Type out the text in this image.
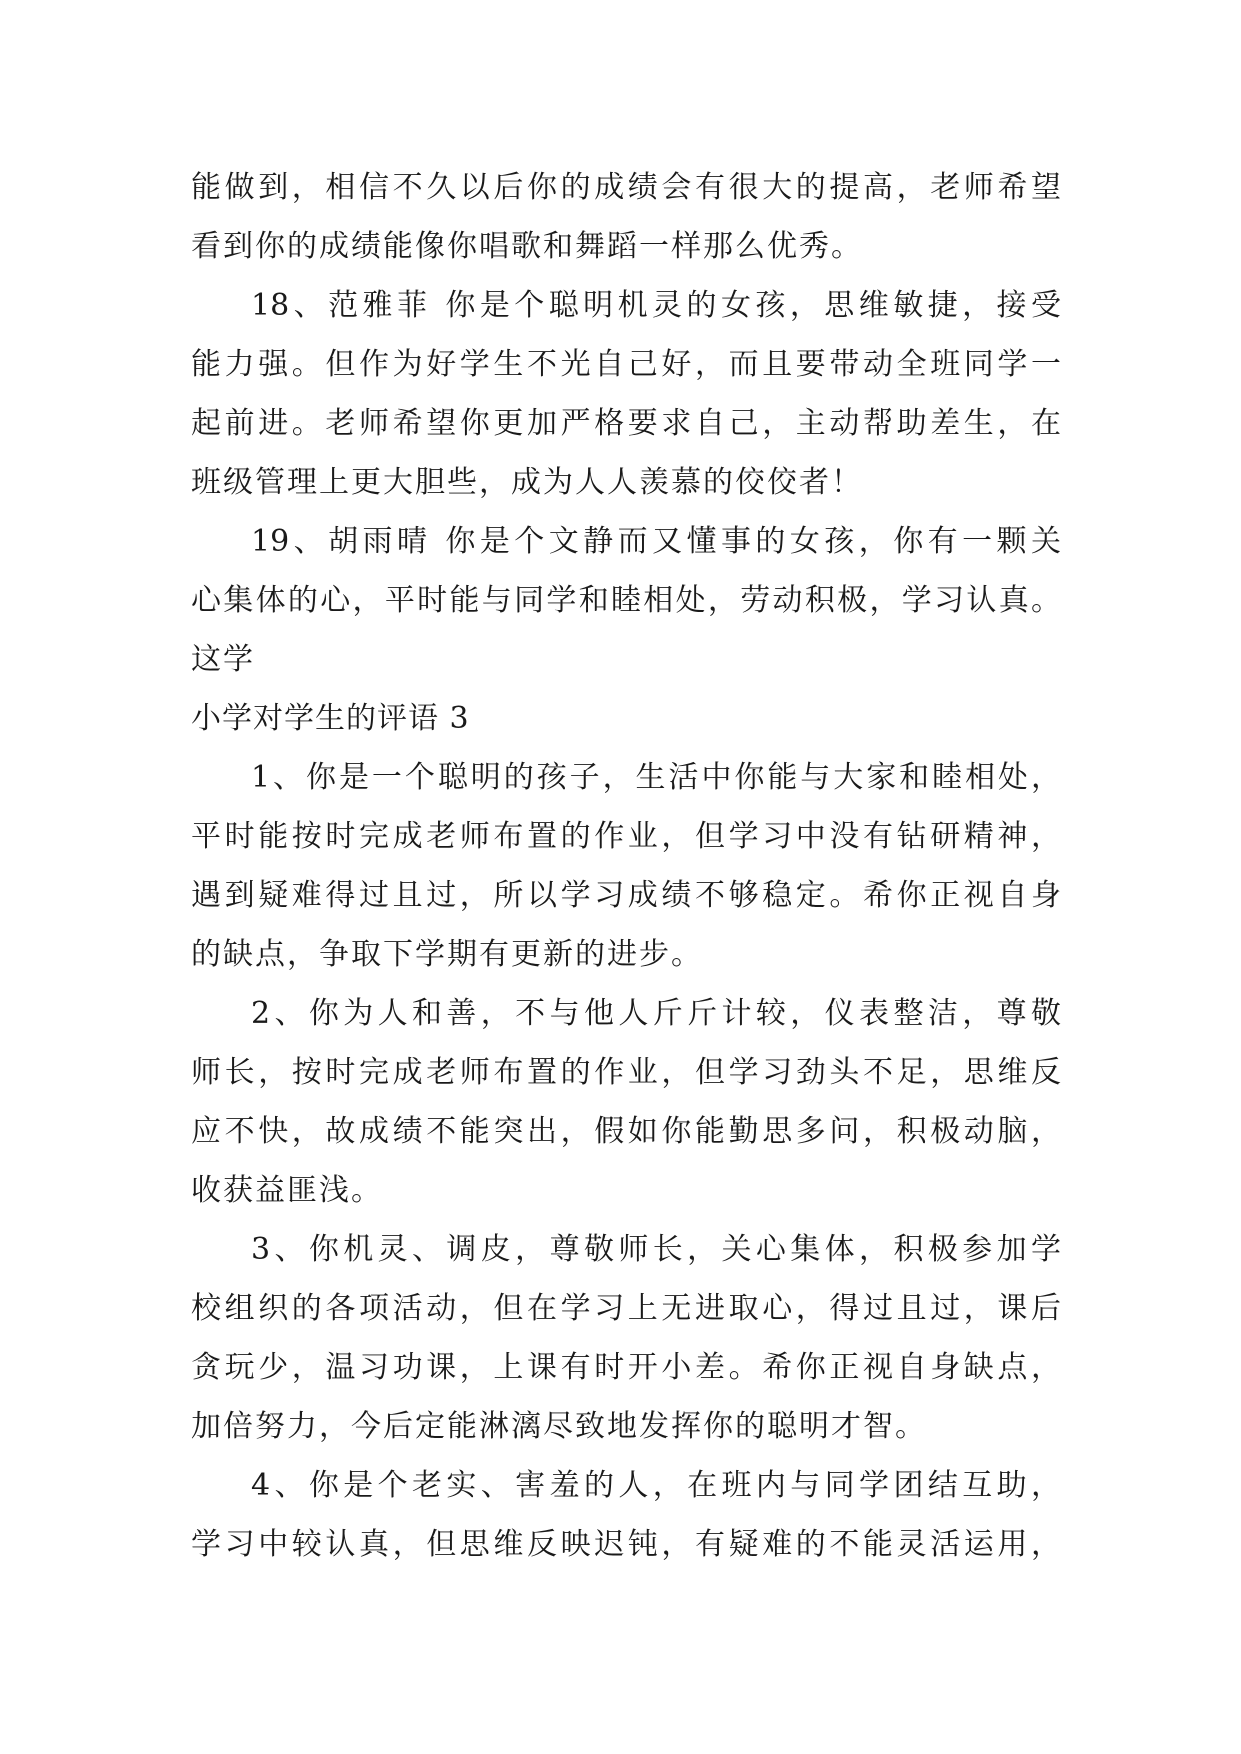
能做到，相信不久以后你的成绩会有很大的提高，老师希望
看到你的成绩能像你唱歌和舞蹈一样那么优秀。
18、范雅菲 你是个聪明机灵的女孩，思维敏捷，接受
能力强。但作为好学生不光自己好，而且要带动全班同学一
起前进。老师希望你更加严格要求自己，主动帮助差生，在
班级管理上更大胆些，成为人人羡慕的佼佼者！
19、胡雨晴 你是个文静而又懂事的女孩，你有一颗关
心集体的心，平时能与同学和睦相处，劳动积极，学习认真。
这学
小学对学生的评语 3
1、你是一个聪明的孩子，生活中你能与大家和睦相处，
平时能按时完成老师布置的作业，但学习中没有钻研精神，
遇到疑难得过且过，所以学习成绩不够稳定。希你正视自身
的缺点，争取下学期有更新的进步。
2、你为人和善，不与他人斤斤计较，仪表整洁，尊敬
师长，按时完成老师布置的作业，但学习劲头不足，思维反
应不快，故成绩不能突出，假如你能勤思多问，积极动脑，
收获益匪浅。
3、你机灵、调皮，尊敬师长，关心集体，积极参加学
校组织的各项活动，但在学习上无进取心，得过且过，课后
贪玩少，温习功课，上课有时开小差。希你正视自身缺点，
加倍努力，今后定能淋漓尽致地发挥你的聪明才智。
4、你是个老实、害羞的人，在班内与同学团结互助，
学习中较认真，但思维反映迟钝，有疑难的不能灵活运用，
